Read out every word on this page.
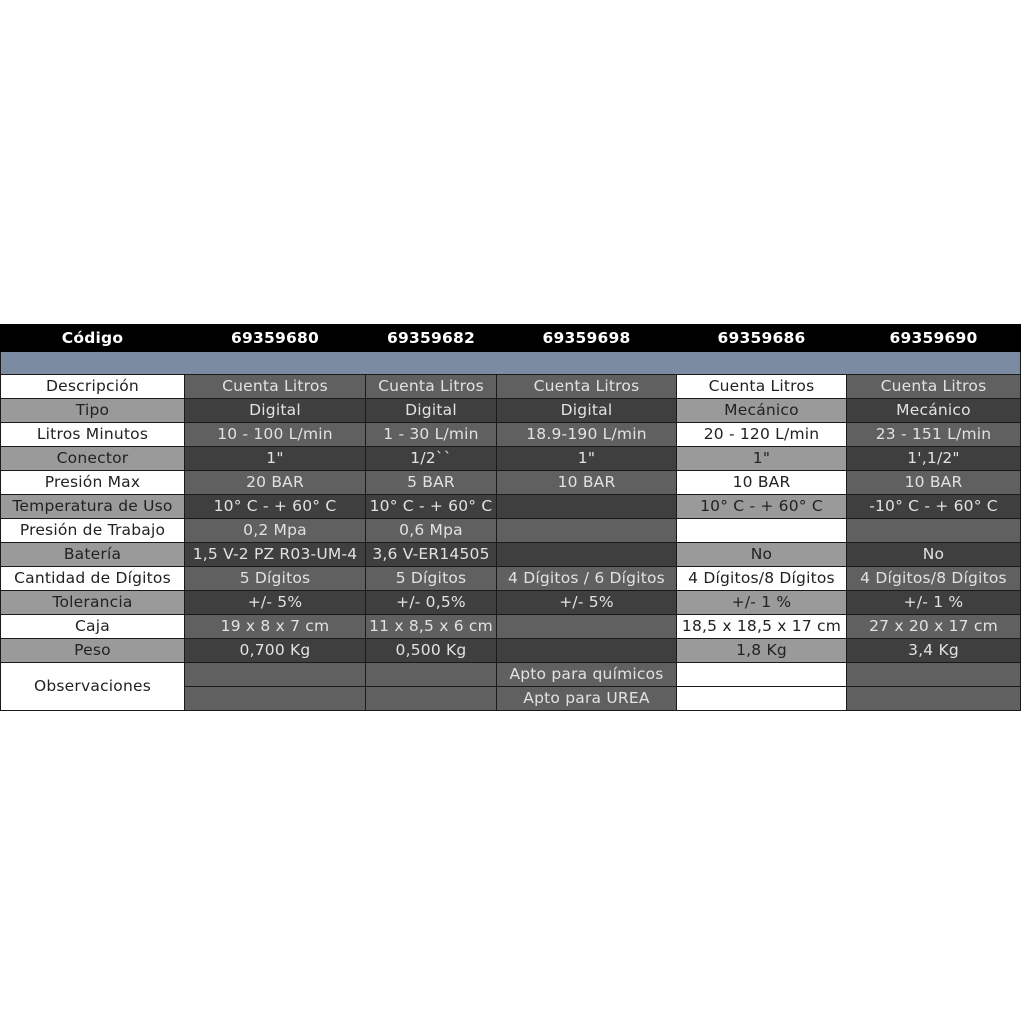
Código	69359680	69359682	69359698	69359686	69359690

Descripción	Cuenta Litros	Cuenta Litros	Cuenta Litros	Cuenta Litros	Cuenta Litros
Tipo	Digital	Digital	Digital	Mecánico	Mecánico
Litros Minutos	10 - 100 L/min	1 - 30 L/min	18.9-190 L/min	20 - 120 L/min	23 - 151 L/min
Conector	1"	1/2``	1"	1"	1',1/2"
Presión Max	20 BAR	5 BAR	10 BAR	10 BAR	10 BAR
Temperatura de Uso	10° C - + 60° C	10° C - + 60° C		10° C - + 60° C	-10° C - + 60° C
Presión de Trabajo	0,2 Mpa	0,6 Mpa			
Batería	1,5 V-2 PZ R03-UM-4	3,6 V-ER14505		No	No
Cantidad de Dígitos	5 Dígitos	5 Dígitos	4 Dígitos / 6 Dígitos	4 Dígitos/8 Dígitos	4 Dígitos/8 Dígitos
Tolerancia	+/- 5%	+/- 0,5%	+/- 5%	+/- 1 %	+/- 1 %
Caja	19 x 8 x 7 cm	11 x 8,5 x 6 cm		18,5 x 18,5 x 17 cm	27 x 20 x 17 cm
Peso	0,700 Kg	0,500 Kg		1,8 Kg	3,4 Kg
Observaciones			Apto para químicos		
			Apto para UREA		
